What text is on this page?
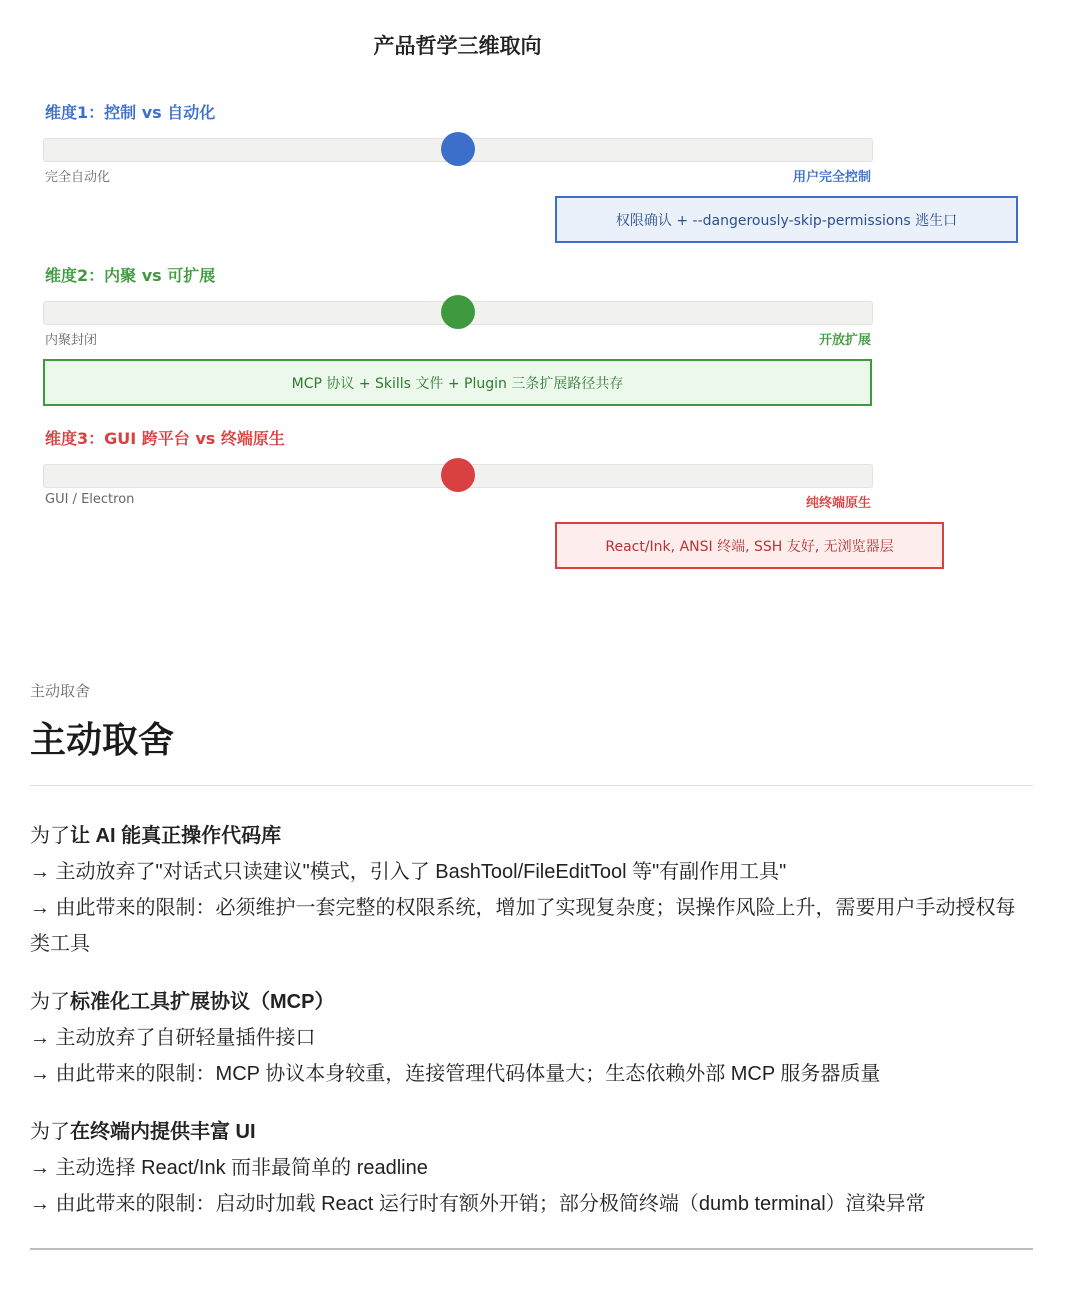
产品哲学三维取向
维度1：控制 vs 自动化
完全自动化	用户完全控制
权限确认 + --dangerously-skip-permissions 逃生口
维度2：内聚 vs 可扩展
内聚封闭	开放扩展
MCP 协议 + Skills 文件 + Plugin 三条扩展路径共存
维度3：GUI 跨平台 vs 终端原生
GUI / Electron	纯终端原生
React/Ink, ANSI 终端, SSH 友好, 无浏览器层
主动取舍
主动取舍
为了让 AI 能真正操作代码库
→ 主动放弃了"对话式只读建议"模式，引入了 BashTool/FileEditTool 等"有副作用工具"
→ 由此带来的限制：必须维护一套完整的权限系统，增加了实现复杂度；误操作风险上升，需要用户手动授权每类工具
为了标准化工具扩展协议（MCP）
→ 主动放弃了自研轻量插件接口
→ 由此带来的限制：MCP 协议本身较重，连接管理代码体量大；生态依赖外部 MCP 服务器质量
为了在终端内提供丰富 UI
→ 主动选择 React/Ink 而非最简单的 readline
→ 由此带来的限制：启动时加载 React 运行时有额外开销；部分极简终端（dumb terminal）渲染异常
